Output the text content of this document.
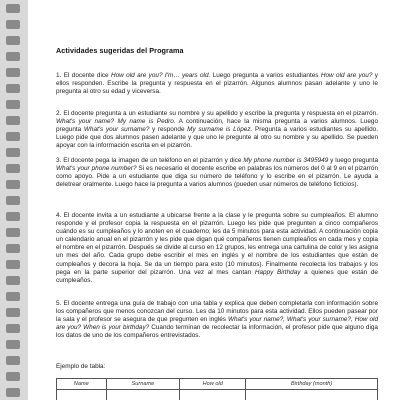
Actividades sugeridas del Programa
1. El docente dice How old are you? I'm… years old. Luego pregunta a varios estudiantes How old are you? y ellos responden. Escribe la pregunta y respuesta en el pizarrón. Algunos alumnos pasan adelante y uno le pregunta al otro su edad y viceversa.
2. El docente pregunta a un estudiante su nombre y su apellido y escribe la pregunta y respuesta en el pizarrón. What's your name? My name is Pedro. A continuación, hace la misma pregunta a varios alumnos. Luego pregunta What's your surname? y responde My surname is López. Pregunta a varios estudiantes su apellido. Luego pide que dos alumnos pasen adelante y que uno le pregunte al otro su nombre y su apellido. Se pueden apoyar con la información escrita en el pizarrón.
3. El docente pega la imagen de un teléfono en el pizarrón y dice My phone number is 3495949 y luego pregunta What's your phone number? Si es necesario el docente escribe en palabras los números del 0 al 9 en el pizarrón como apoyo. Pide a un estudiante que diga su número de teléfono y lo escribe en el pizarrón. Le ayuda a deletrear oralmente. Luego hace la pregunta a varios alumnos (pueden usar números de teléfono ficticios).
4. El docente invita a un estudiante a ubicarse frente a la clase y le pregunta sobre su cumpleaños. El alumno responde y el profesor copia la respuesta en el pizarrón. Luego les pide que pregunten a cinco compañeros cuándo es su cumpleaños y lo anoten en el cuaderno; les da 5 minutos para esta actividad. A continuación copia un calendario anual en el pizarrón y les pide que digan qué compañeros tienen cumpleaños en cada mes y copia el nombre en el pizarrón. Después se divide al curso en 12 grupos, les entrega una cartulina de color y les asigna un mes del año. Cada grupo debe escribir el mes en inglés y el nombre de los estudiantes que están de cumpleaños y decora la hoja. Se da un tiempo para esto (10 minutos). Finalmente recolecta los trabajos y los pega en la parte superior del pizarrón. Una vez al mes cantan Happy Birthday a quienes que están de cumpleaños.
5. El docente entrega una guía de trabajo con una tabla y explica que deben completarla con información sobre los compañeros que menos conozcan del curso. Les da 10 minutos para esta actividad. Ellos pueden pasear por la sala y el profesor se asegura de que pregunten en inglés What's your name?, What's your surname?, How old are you? When is your birthday? Cuando terminan de recolectar la información, el profesor pide que alguno diga los datos de uno de los compañeros entrevistados.
Ejemplo de tabla:
Name	Surname	How old	Birthday (month)
